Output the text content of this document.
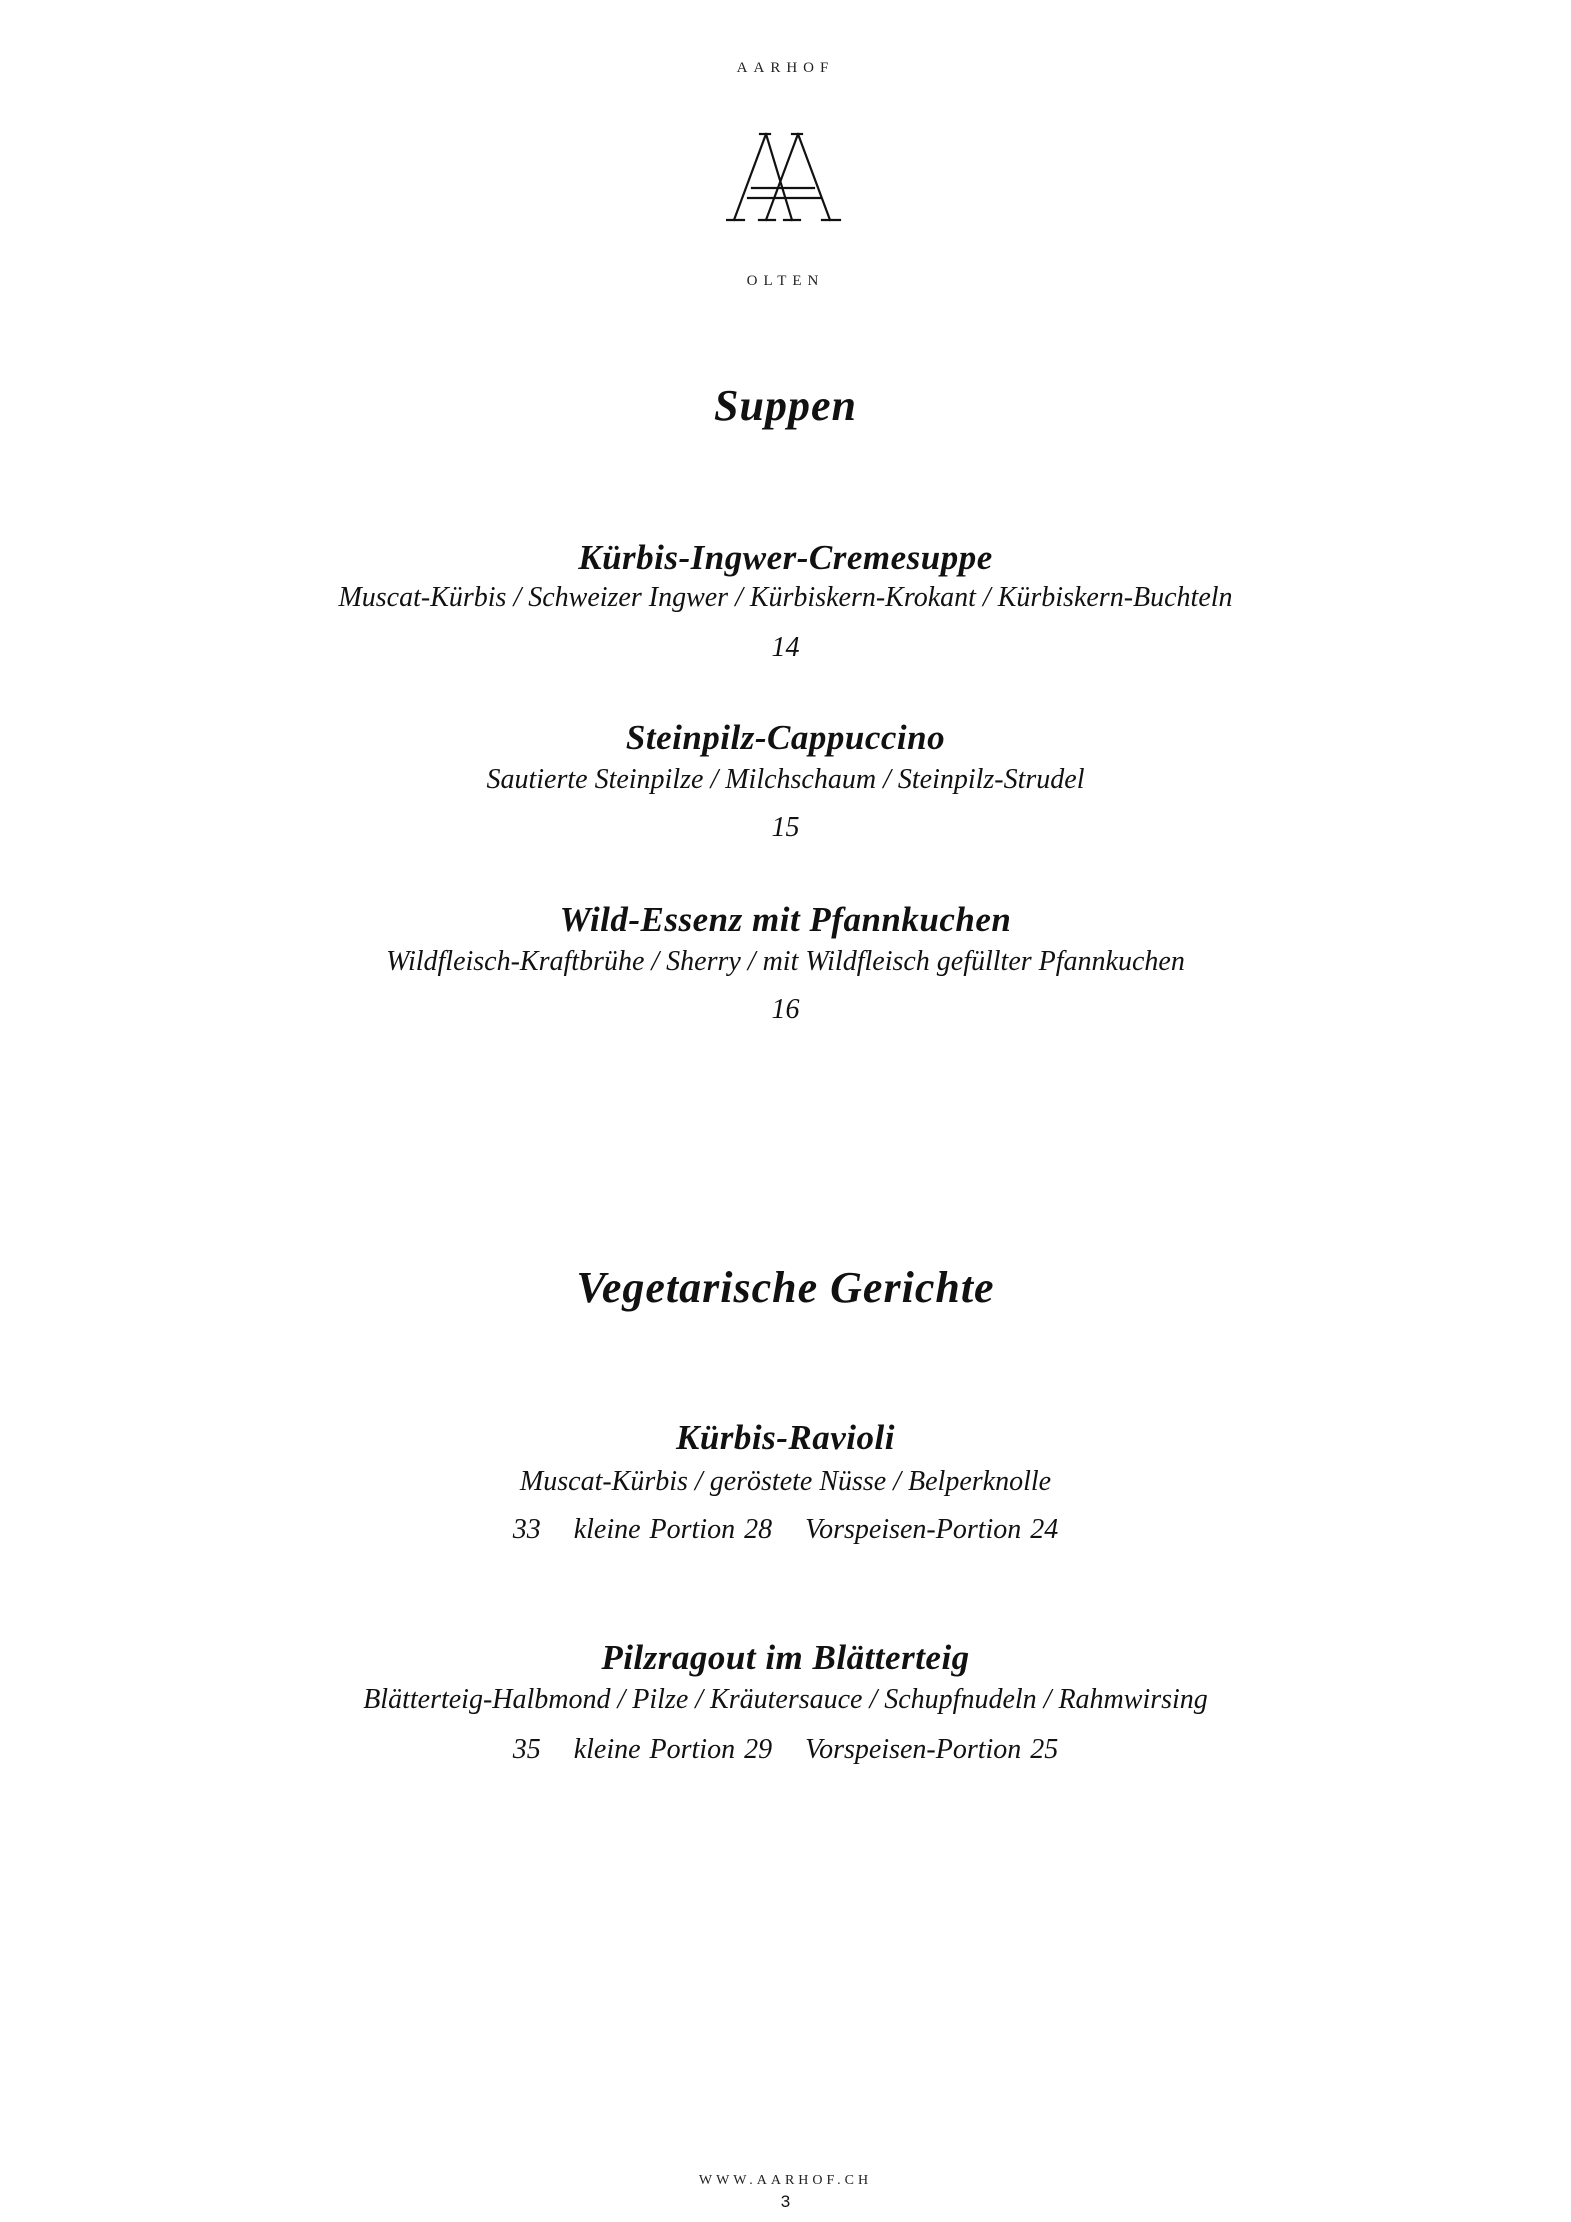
AARHOF
OLTEN
Suppen
Kürbis-Ingwer-Cremesuppe
Muscat-Kürbis / Schweizer Ingwer / Kürbiskern-Krokant / Kürbiskern-Buchteln
14
Steinpilz-Cappuccino
Sautierte Steinpilze / Milchschaum / Steinpilz-Strudel
15
Wild-Essenz mit Pfannkuchen
Wildfleisch-Kraftbrühe / Sherry / mit Wildfleisch gefüllter Pfannkuchen
16
Vegetarische Gerichte
Kürbis-Ravioli
Muscat-Kürbis / geröstete Nüsse / Belperknolle
33 kleine Portion 28 Vorspeisen-Portion 24
Pilzragout im Blätterteig
Blätterteig-Halbmond / Pilze / Kräutersauce / Schupfnudeln / Rahmwirsing
35 kleine Portion 29 Vorspeisen-Portion 25
WWW.AARHOF.CH
3
